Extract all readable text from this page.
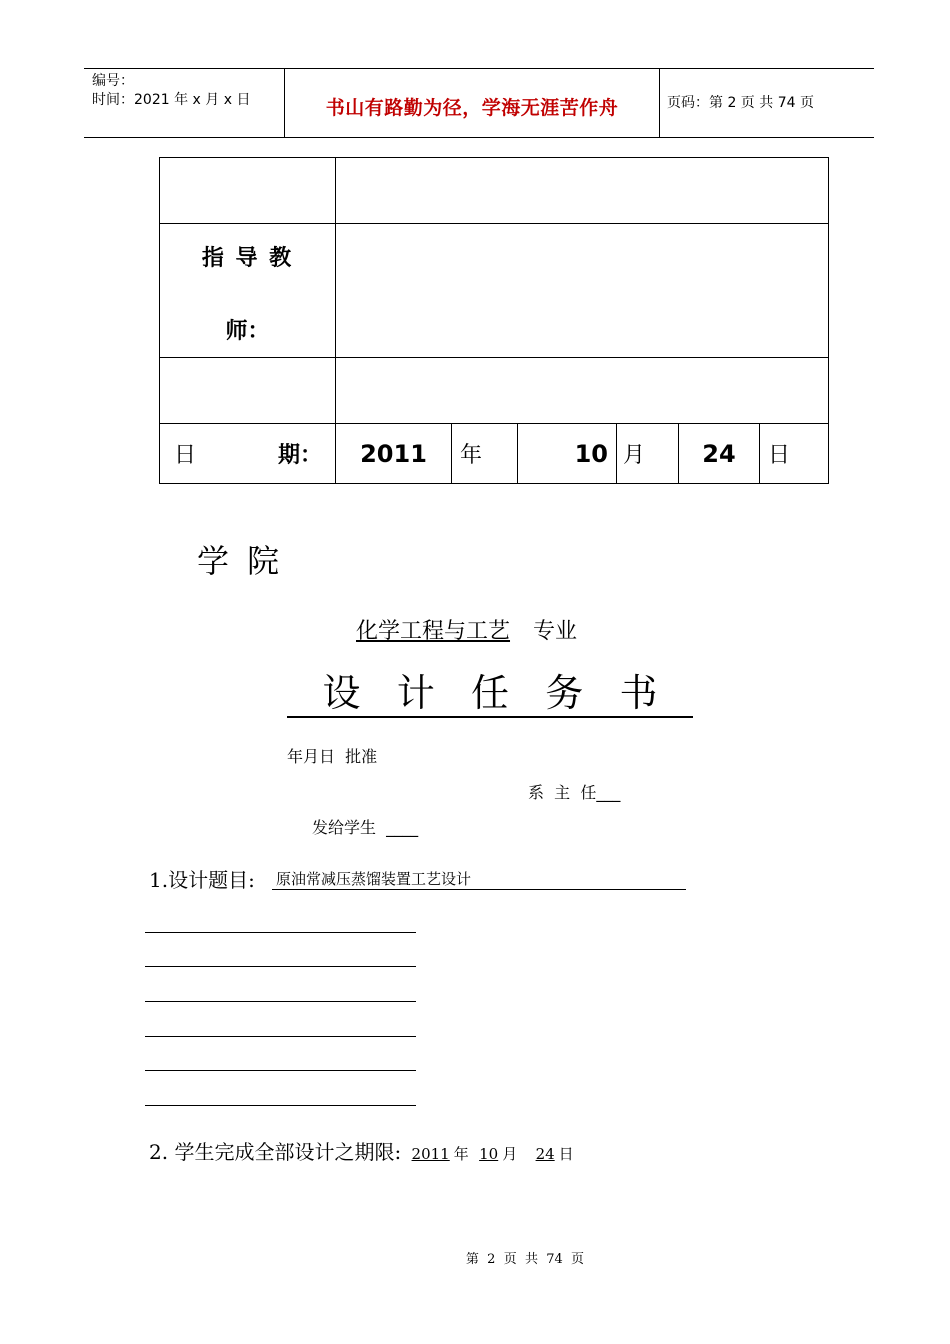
编号：
时间：2021 年 x 月 x 日	书山有路勤为径，学海无涯苦作舟	页码：第 2 页 共 74 页

指 导 教
师：						

日 期：	2011	年	10	月	24	日
学 院
化学工程与工艺 专业
设   计   任   务   书
年月日  批准
系  主  任___
发给学生  ____
1.设计题目: 原油常减压蒸馏装置工艺设计
2. 学生完成全部设计之期限: 2011 年 10 月 24 日
第  2  页  共  74  页
